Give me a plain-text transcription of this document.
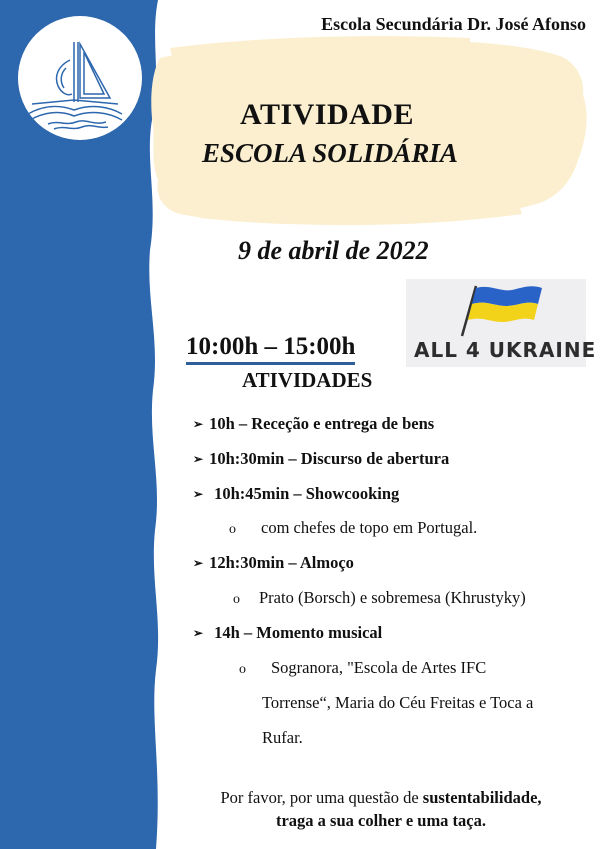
Escola Secundária Dr. José Afonso
ATIVIDADE
ESCOLA SOLIDÁRIA
9 de abril de 2022
ALL 4 UKRAINE
10:00h – 15:00h
ATIVIDADES
➢ 10h – Receção e entrega de bens
➢ 10h:30min – Discurso de abertura
➢ 10h:45min – Showcooking
o com chefes de topo em Portugal.
➢ 12h:30min – Almoço
o Prato (Borsch) e sobremesa (Khrustyky)
➢ 14h – Momento musical
o Sogranora, "Escola de Artes IFC
Torrense“, Maria do Céu Freitas e Toca a
Rufar.
Por favor, por uma questão de sustentabilidade,
traga a sua colher e uma taça.
